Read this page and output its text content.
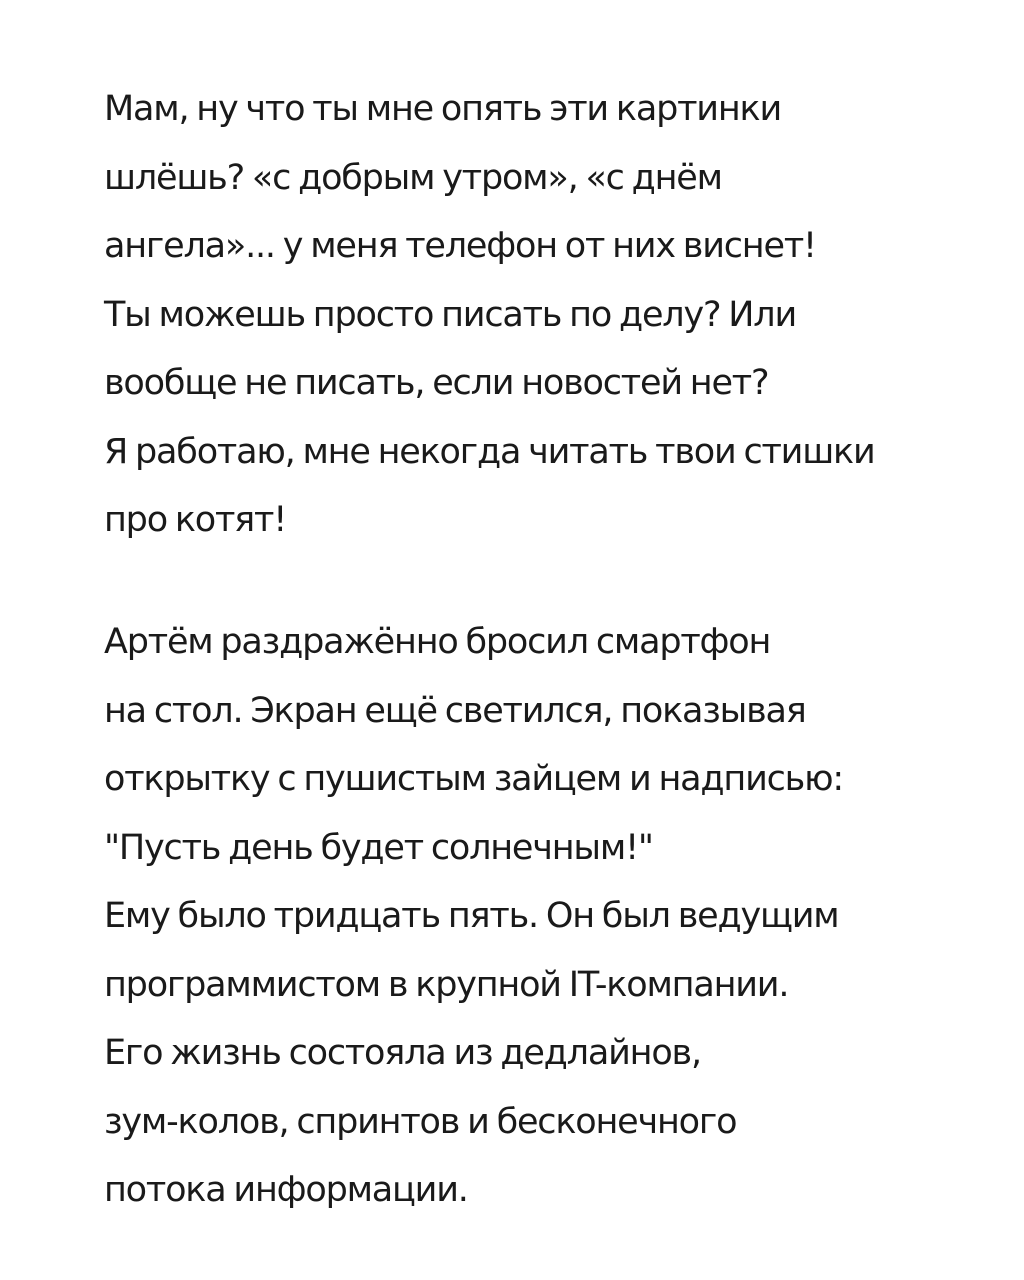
Мам, ну что ты мне опять эти картинки
шлёшь? «с добрым утром», «с днём
ангела»... у меня телефон от них виснет!
Ты можешь просто писать по делу? Или
вообще не писать, если новостей нет?
Я работаю, мне некогда читать твои стишки
про котят!
Артём раздражённо бросил смартфон
на стол. Экран ещё светился, показывая
открытку с пушистым зайцем и надписью:
"Пусть день будет солнечным!"
Ему было тридцать пять. Он был ведущим
программистом в крупной IT-компании.
Его жизнь состояла из дедлайнов,
зум-колов, спринтов и бесконечного
потока информации.
